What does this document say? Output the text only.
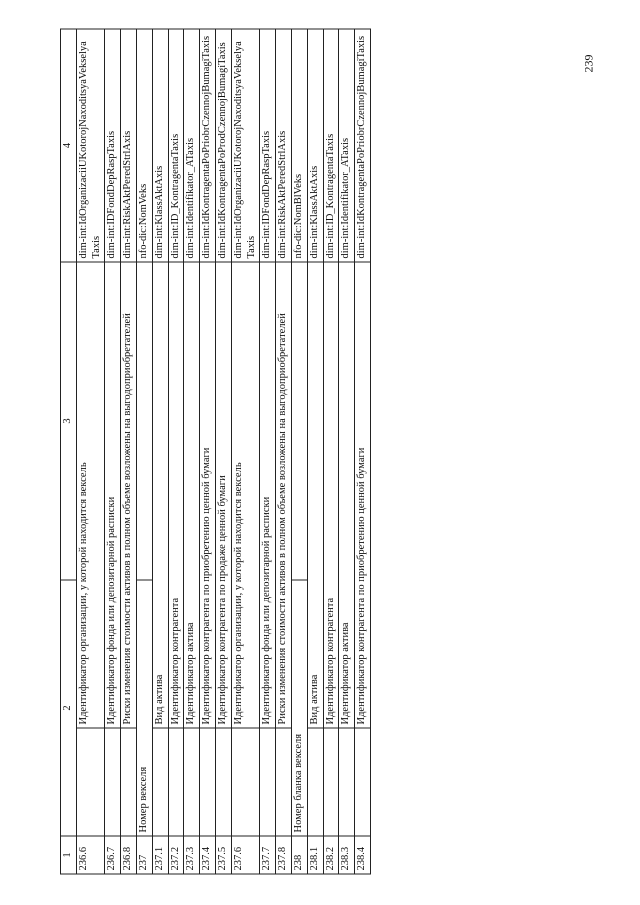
239
1	2		3	4
236.6		Идентификатор организации, у которой находится вексель		dim-int:IdOrganizaciiUKotorojNaxoditsyaVekselya Taxis
236.7		Идентификатор фонда или депозитарной расписки		dim-int:IDFondDepRaspTaxis
236.8		Риски изменения стоимости активов в полном объеме возложены на выгодоприобретателей		dim-int:RiskAktPeredStrlAxis
237	Номер векселя			nfo-dic:NomVeks
237.1		Вид актива		dim-int:KlassAktAxis
237.2		Идентификатор контрагента		dim-int:ID_KontragentaTaxis
237.3		Идентификатор актива		dim-int:Identifikator_ATaxis
237.4		Идентификатор контрагента по приобретению ценной бумаги		dim-int:IdKontragentaPoPriobrCzennojBumagiTaxis
237.5		Идентификатор контрагента по продаже ценной бумаги		dim-int:IdKontragentaPoProdCzennojBumagiTaxis
237.6		Идентификатор организации, у которой находится вексель		dim-int:IdOrganizaciiUKotorojNaxoditsyaVekselya Taxis
237.7		Идентификатор фонда или депозитарной расписки		dim-int:IDFondDepRaspTaxis
237.8		Риски изменения стоимости активов в полном объеме возложены на выгодоприобретателей		dim-int:RiskAktPeredStrlAxis
238	Номер бланка векселя			nfo-dic:NomBlVeks
238.1		Вид актива		dim-int:KlassAktAxis
238.2		Идентификатор контрагента		dim-int:ID_KontragentaTaxis
238.3		Идентификатор актива		dim-int:Identifikator_ATaxis
238.4		Идентификатор контрагента по приобретению ценной бумаги		dim-int:IdKontragentaPoPriobrCzennojBumagiTaxis
